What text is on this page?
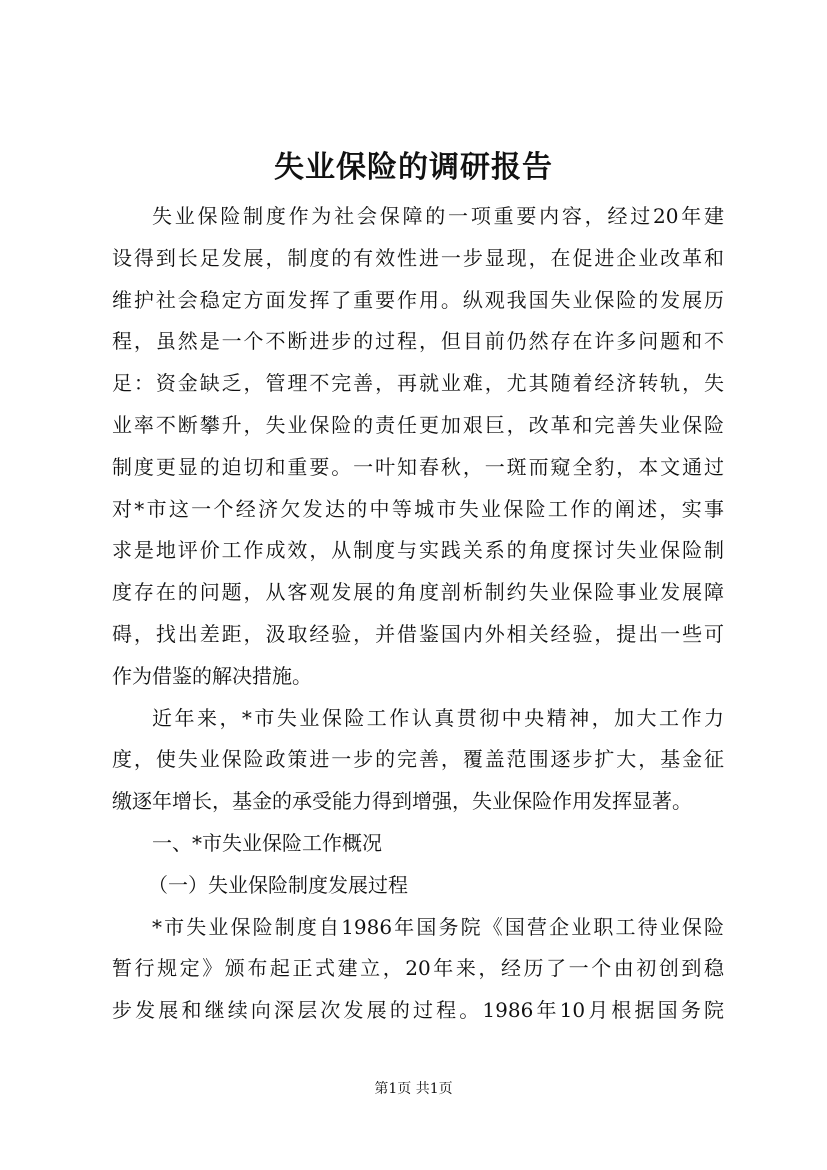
失业保险的调研报告
失业保险制度作为社会保障的一项重要内容，经过20年建
设得到长足发展，制度的有效性进一步显现，在促进企业改革和
维护社会稳定方面发挥了重要作用。纵观我国失业保险的发展历
程，虽然是一个不断进步的过程，但目前仍然存在许多问题和不
足：资金缺乏，管理不完善，再就业难，尤其随着经济转轨，失
业率不断攀升，失业保险的责任更加艰巨，改革和完善失业保险
制度更显的迫切和重要。一叶知春秋，一斑而窥全豹，本文通过
对*市这一个经济欠发达的中等城市失业保险工作的阐述，实事
求是地评价工作成效，从制度与实践关系的角度探讨失业保险制
度存在的问题，从客观发展的角度剖析制约失业保险事业发展障
碍，找出差距，汲取经验，并借鉴国内外相关经验，提出一些可
作为借鉴的解决措施。
近年来，*市失业保险工作认真贯彻中央精神，加大工作力
度，使失业保险政策进一步的完善，覆盖范围逐步扩大，基金征
缴逐年增长，基金的承受能力得到增强，失业保险作用发挥显著。
一、*市失业保险工作概况
（一）失业保险制度发展过程
*市失业保险制度自1986年国务院《国营企业职工待业保险
暂行规定》颁布起正式建立，20年来，经历了一个由初创到稳
步发展和继续向深层次发展的过程。1986年10月根据国务院
第1页 共1页
